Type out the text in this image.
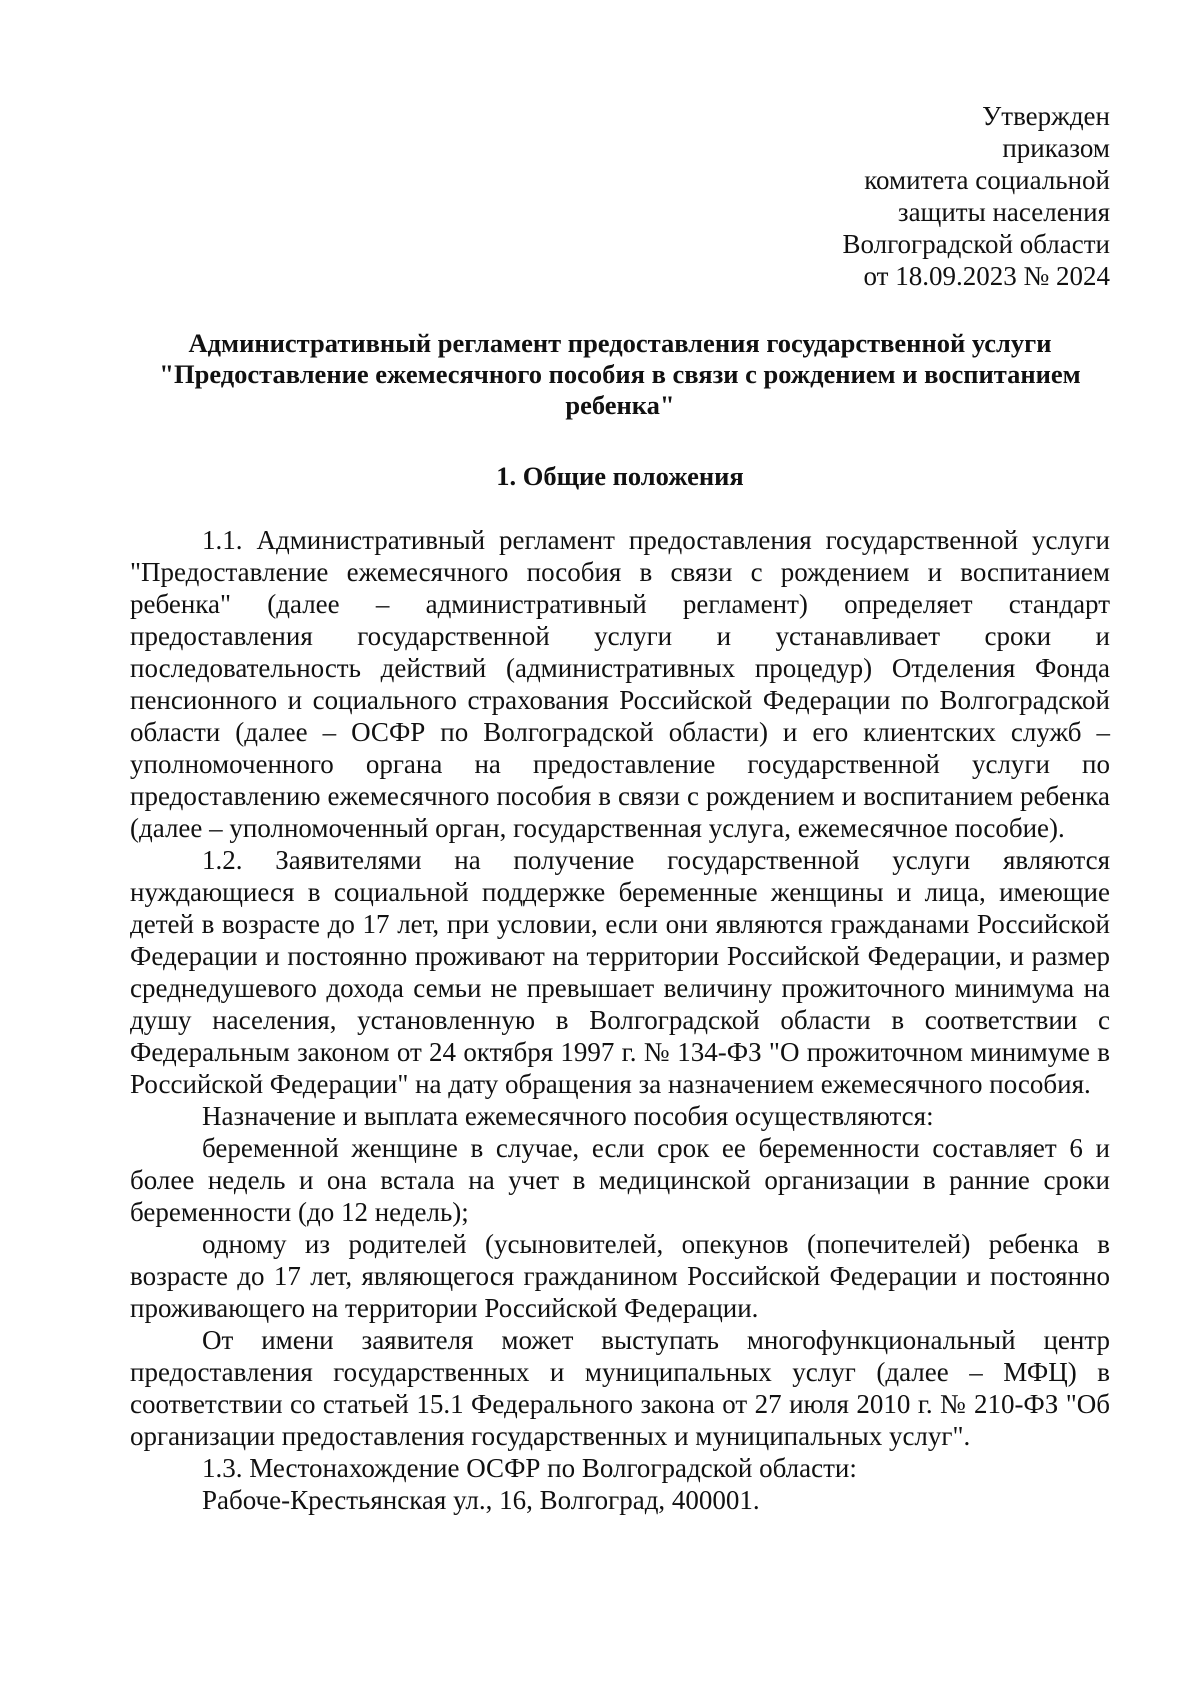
Утвержден
приказом
комитета социальной
защиты населения
Волгоградской области
от 18.09.2023 № 2024
Административный регламент предоставления государственной услуги "Предоставление ежемесячного пособия в связи с рождением и воспитанием ребенка"
1. Общие положения

1.1. Административный регламент предоставления государственной услуги "Предоставление ежемесячного пособия в связи с рождением и воспитанием ребенка" (далее – административный регламент) определяет стандарт предоставления государственной услуги и устанавливает сроки и последовательность действий (административных процедур) Отделения Фонда пенсионного и социального страхования Российской Федерации по Волгоградской области (далее – ОСФР по Волгоградской области) и его клиентских служб – уполномоченного органа на предоставление государственной услуги по предоставлению ежемесячного пособия в связи с рождением и воспитанием ребенка (далее – уполномоченный орган, государственная услуга, ежемесячное пособие).

1.2. Заявителями на получение государственной услуги являются нуждающиеся в социальной поддержке беременные женщины и лица, имеющие детей в возрасте до 17 лет, при условии, если они являются гражданами Российской Федерации и постоянно проживают на территории Российской Федерации, и размер среднедушевого дохода семьи не превышает величину прожиточного минимума на душу населения, установленную в Волгоградской области в соответствии с Федеральным законом от 24 октября 1997 г. № 134-ФЗ "О прожиточном минимуме в Российской Федерации" на дату обращения за назначением ежемесячного пособия.

Назначение и выплата ежемесячного пособия осуществляются:

беременной женщине в случае, если срок ее беременности составляет 6 и более недель и она встала на учет в медицинской организации в ранние сроки беременности (до 12 недель);

одному из родителей (усыновителей, опекунов (попечителей) ребенка в возрасте до 17 лет, являющегося гражданином Российской Федерации и постоянно проживающего на территории Российской Федерации.

От имени заявителя может выступать многофункциональный центр предоставления государственных и муниципальных услуг (далее – МФЦ) в соответствии со статьей 15.1 Федерального закона от 27 июля 2010 г. № 210-ФЗ "Об организации предоставления государственных и муниципальных услуг".

1.3. Местонахождение ОСФР по Волгоградской области:

Рабоче-Крестьянская ул., 16, Волгоград, 400001.
